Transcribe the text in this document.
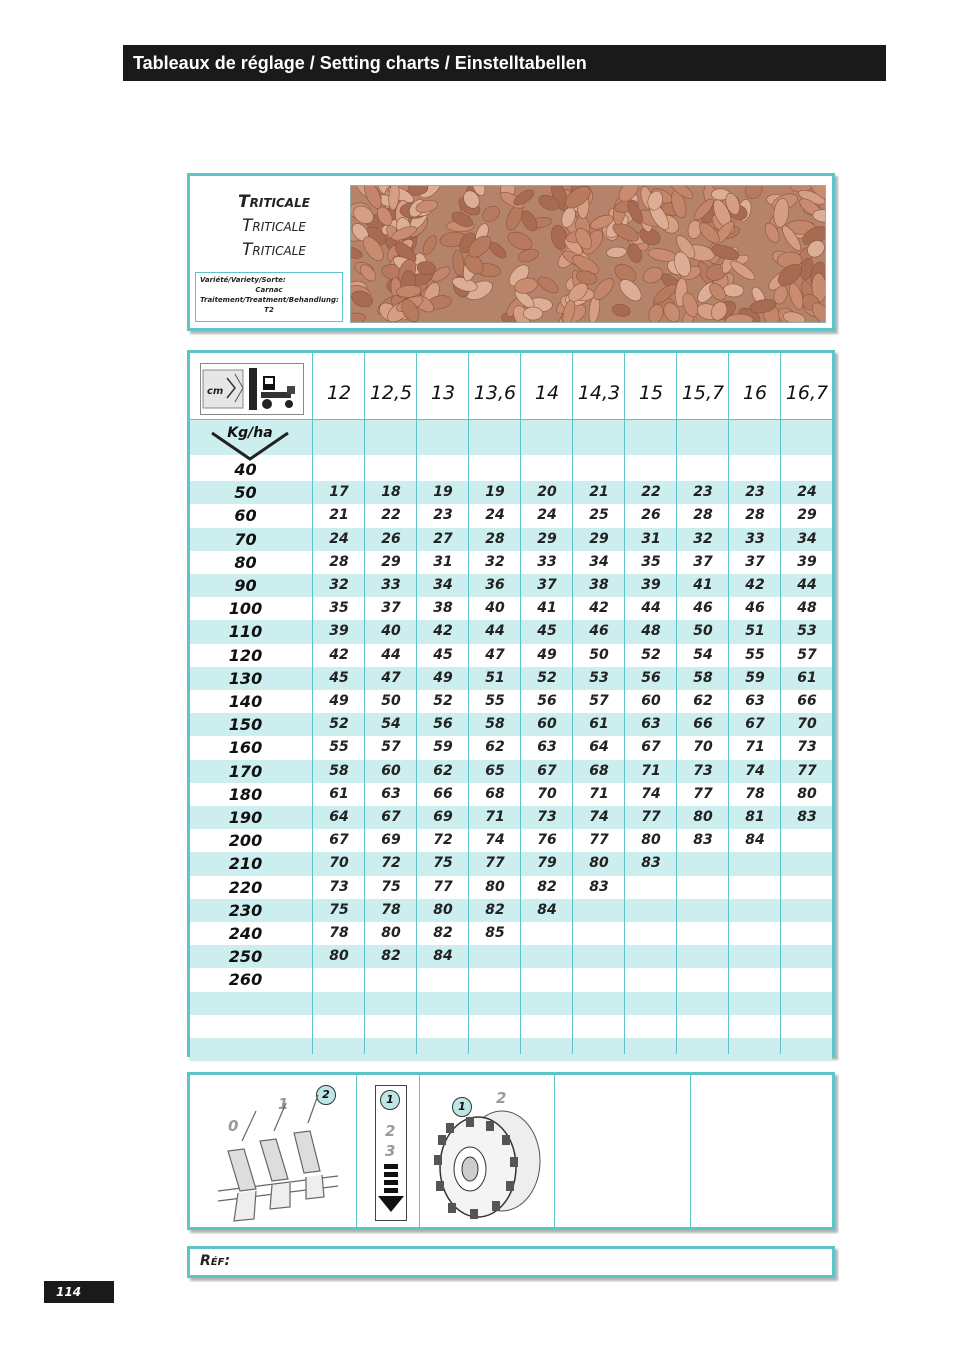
Tableaux de réglage / Setting charts / Einstelltabellen
Triticale
Triticale
Triticale
Variété/Variety/Sorte:
Carnac
Traitement/Treatment/Behandlung:
T2
cm
Kg/ha
12 12,5 13 13,6 14 14,3 15 15,7 16 16,7
40
50	17	18	19	19	20	21	22	23	23	24
60	21	22	23	24	24	25	26	28	28	29
70	24	26	27	28	29	29	31	32	33	34
80	28	29	31	32	33	34	35	37	37	39
90	32	33	34	36	37	38	39	41	42	44
100	35	37	38	40	41	42	44	46	46	48
110	39	40	42	44	45	46	48	50	51	53
120	42	44	45	47	49	50	52	54	55	57
130	45	47	49	51	52	53	56	58	59	61
140	49	50	52	55	56	57	60	62	63	66
150	52	54	56	58	60	61	63	66	67	70
160	55	57	59	62	63	64	67	70	71	73
170	58	60	62	65	67	68	71	73	74	77
180	61	63	66	68	70	71	74	77	78	80
190	64	67	69	71	73	74	77	80	81	83
200	67	69	72	74	76	77	80	83	84
210	70	72	75	77	79	80	83
220	73	75	77	80	82	83
230	75	78	80	82	84
240	78	80	82	85
250	80	82	84
260
0
1
2	1
2
3
1	2
Réf:
114
